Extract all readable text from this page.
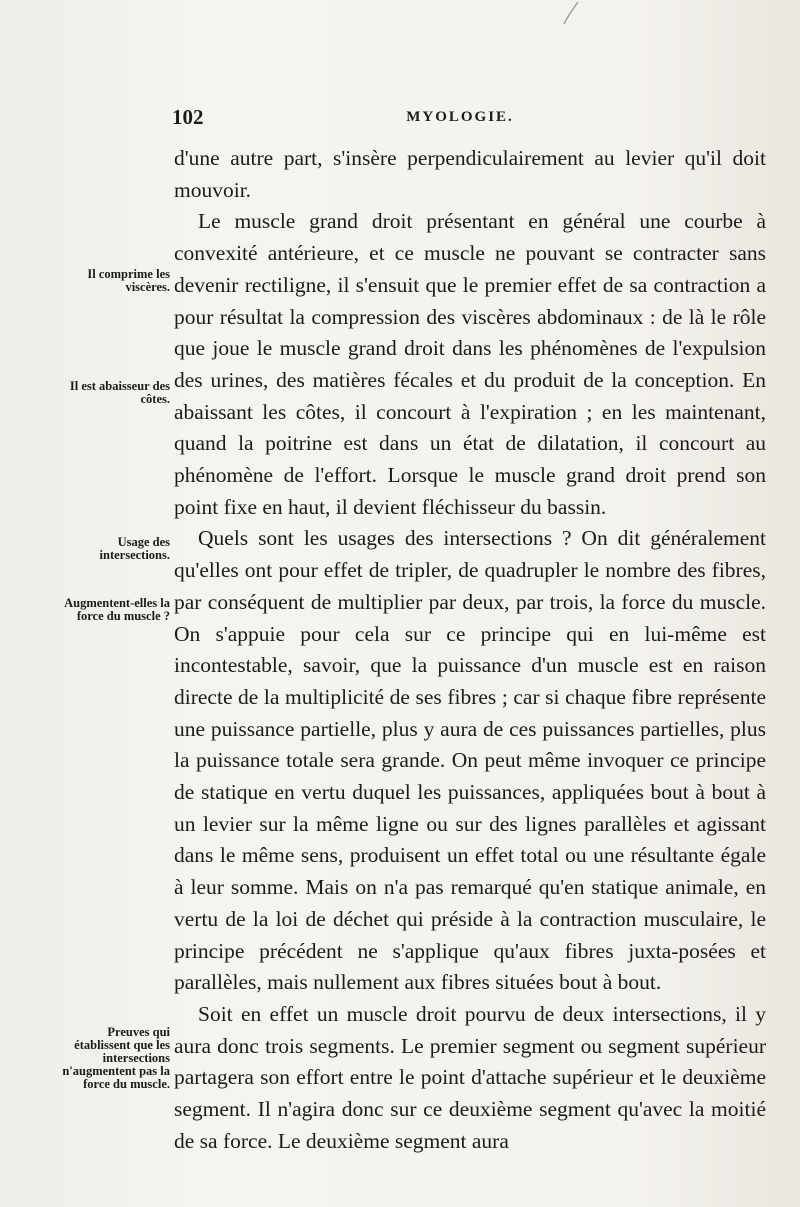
102	MYOLOGIE.
Il comprime les viscères.
Il est abaisseur des côtes.
Usage des intersections.
Augmentent-elles la force du muscle ?
Preuves qui établissent que les intersections n'augmentent pas la force du muscle.

d'une autre part, s'insère perpendiculairement au levier qu'il doit mouvoir.

Le muscle grand droit présentant en général une courbe à convexité antérieure, et ce muscle ne pouvant se contracter sans devenir rectiligne, il s'ensuit que le premier effet de sa contraction a pour résultat la compression des viscères abdominaux : de là le rôle que joue le muscle grand droit dans les phénomènes de l'expulsion des urines, des matières fécales et du produit de la conception. En abaissant les côtes, il concourt à l'expiration ; en les maintenant, quand la poitrine est dans un état de dilatation, il concourt au phénomène de l'effort. Lorsque le muscle grand droit prend son point fixe en haut, il devient fléchisseur du bassin.

Quels sont les usages des intersections ? On dit généralement qu'elles ont pour effet de tripler, de quadrupler le nombre des fibres, par conséquent de multiplier par deux, par trois, la force du muscle. On s'appuie pour cela sur ce principe qui en lui-même est incontestable, savoir, que la puissance d'un muscle est en raison directe de la multiplicité de ses fibres ; car si chaque fibre représente une puissance partielle, plus y aura de ces puissances partielles, plus la puissance totale sera grande. On peut même invoquer ce principe de statique en vertu duquel les puissances, appliquées bout à bout à un levier sur la même ligne ou sur des lignes parallèles et agissant dans le même sens, produisent un effet total ou une résultante égale à leur somme. Mais on n'a pas remarqué qu'en statique animale, en vertu de la loi de déchet qui préside à la contraction musculaire, le principe précédent ne s'applique qu'aux fibres juxta-posées et parallèles, mais nullement aux fibres situées bout à bout.

Soit en effet un muscle droit pourvu de deux intersections, il y aura donc trois segments. Le premier segment ou segment supérieur partagera son effort entre le point d'attache supérieur et le deuxième segment. Il n'agira donc sur ce deuxième segment qu'avec la moitié de sa force. Le deuxième segment aura
